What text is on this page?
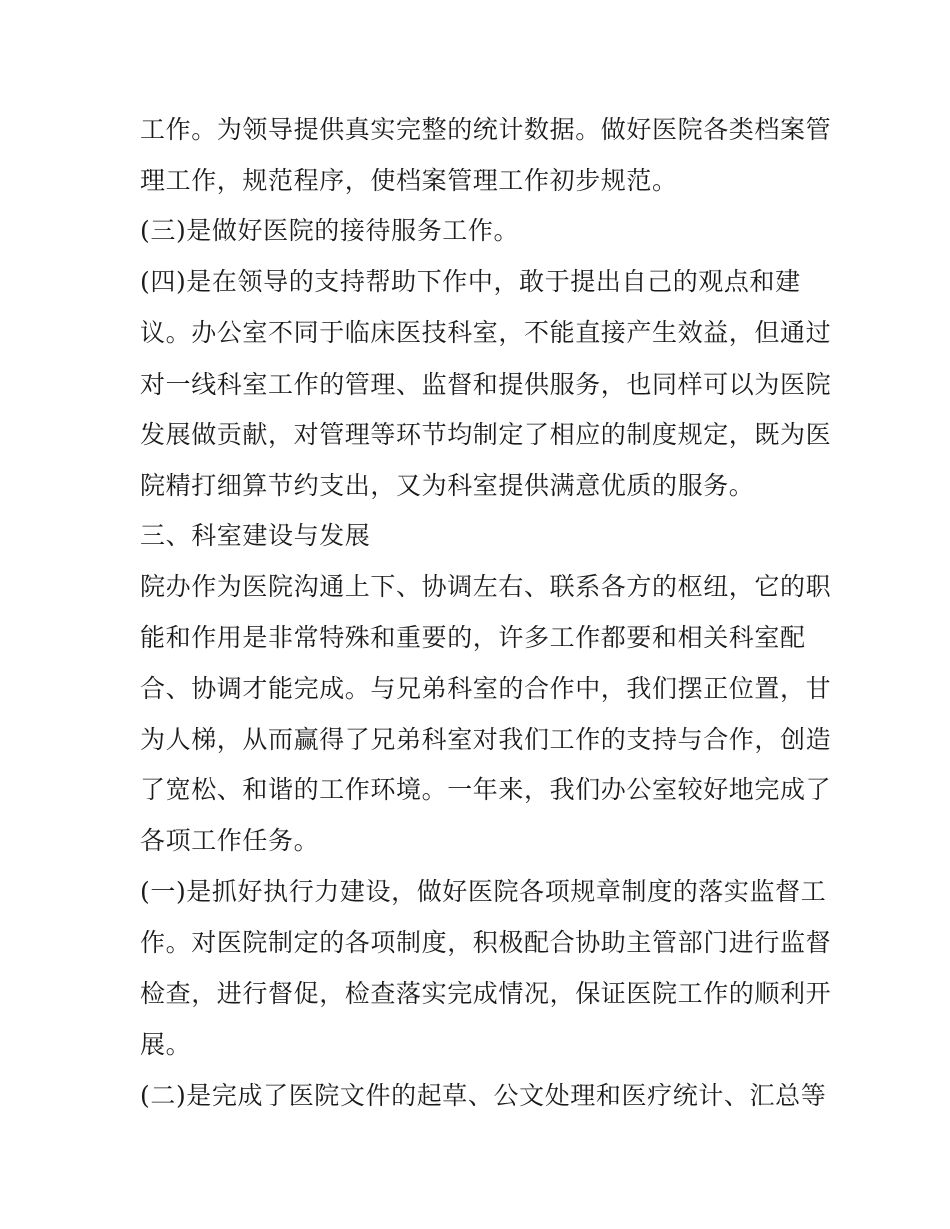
工作。为领导提供真实完整的统计数据。做好医院各类档案管
理工作，规范程序，使档案管理工作初步规范。
(三)是做好医院的接待服务工作。
(四)是在领导的支持帮助下作中，敢于提出自己的观点和建
议。办公室不同于临床医技科室，不能直接产生效益，但通过
对一线科室工作的管理、监督和提供服务，也同样可以为医院
发展做贡献，对管理等环节均制定了相应的制度规定，既为医
院精打细算节约支出，又为科室提供满意优质的服务。
三、科室建设与发展
院办作为医院沟通上下、协调左右、联系各方的枢纽，它的职
能和作用是非常特殊和重要的，许多工作都要和相关科室配
合、协调才能完成。与兄弟科室的合作中，我们摆正位置，甘
为人梯，从而赢得了兄弟科室对我们工作的支持与合作，创造
了宽松、和谐的工作环境。一年来，我们办公室较好地完成了
各项工作任务。
(一)是抓好执行力建设，做好医院各项规章制度的落实监督工
作。对医院制定的各项制度，积极配合协助主管部门进行监督
检查，进行督促，检查落实完成情况，保证医院工作的顺利开
展。
(二)是完成了医院文件的起草、公文处理和医疗统计、汇总等
